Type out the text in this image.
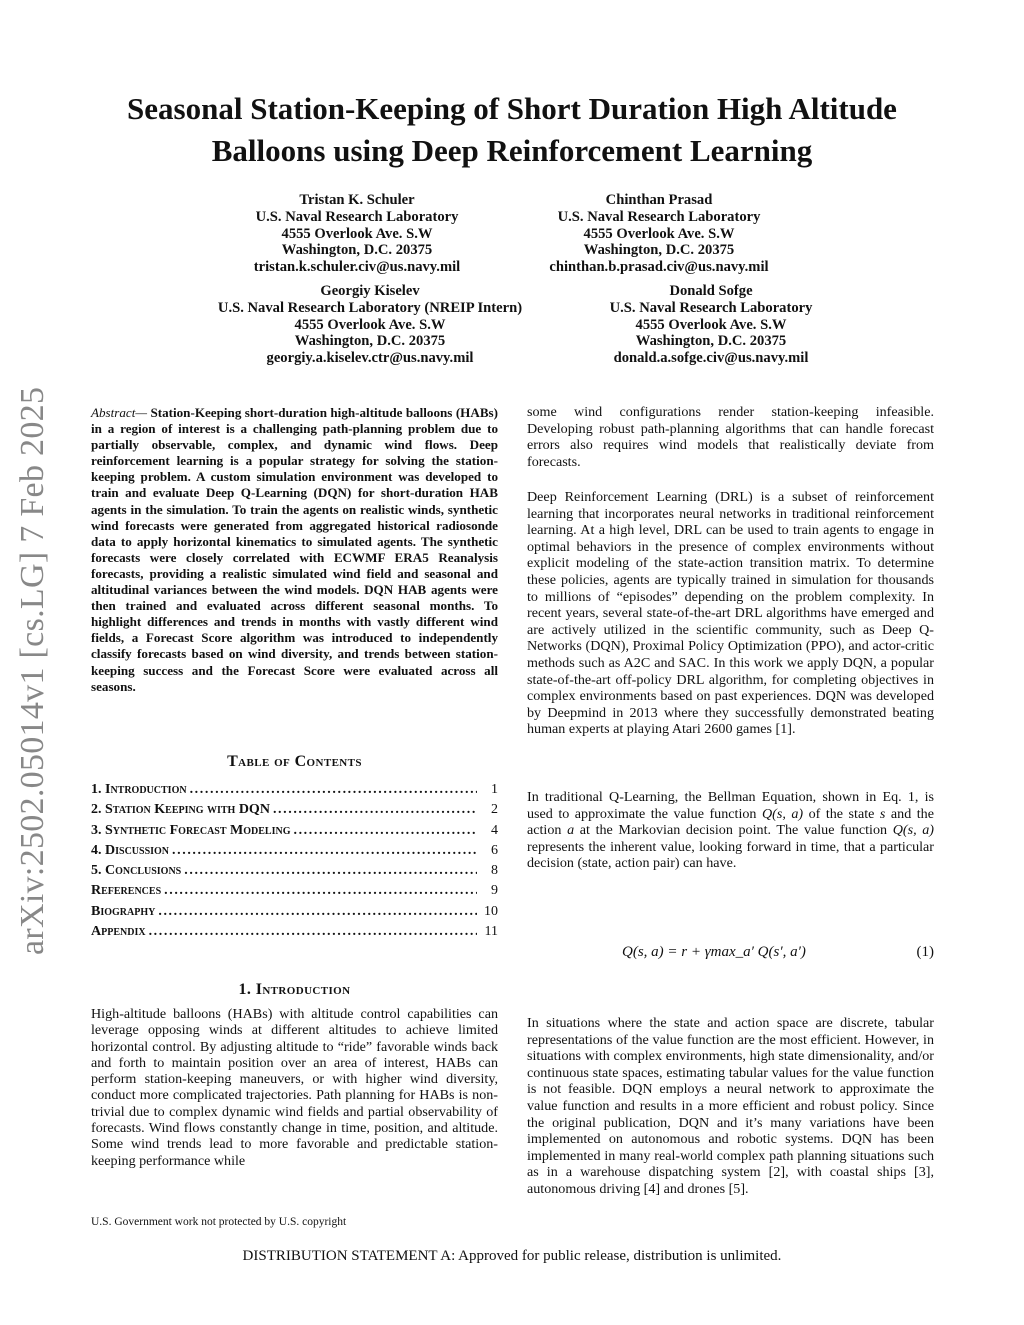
arXiv:2502.05014v1 [cs.LG] 7 Feb 2025
Seasonal Station-Keeping of Short Duration High Altitude Balloons using Deep Reinforcement Learning
Tristan K. Schuler
U.S. Naval Research Laboratory
4555 Overlook Ave. S.W
Washington, D.C. 20375
tristan.k.schuler.civ@us.navy.mil
Chinthan Prasad
U.S. Naval Research Laboratory
4555 Overlook Ave. S.W
Washington, D.C. 20375
chinthan.b.prasad.civ@us.navy.mil
Georgiy Kiselev
U.S. Naval Research Laboratory (NREIP Intern)
4555 Overlook Ave. S.W
Washington, D.C. 20375
georgiy.a.kiselev.ctr@us.navy.mil
Donald Sofge
U.S. Naval Research Laboratory
4555 Overlook Ave. S.W
Washington, D.C. 20375
donald.a.sofge.civ@us.navy.mil
Abstract— Station-Keeping short-duration high-altitude balloons (HABs) in a region of interest is a challenging path-planning problem due to partially observable, complex, and dynamic wind flows. Deep reinforcement learning is a popular strategy for solving the station-keeping problem. A custom simulation environment was developed to train and evaluate Deep Q-Learning (DQN) for short-duration HAB agents in the simulation. To train the agents on realistic winds, synthetic wind forecasts were generated from aggregated historical radiosonde data to apply horizontal kinematics to simulated agents. The synthetic forecasts were closely correlated with ECWMF ERA5 Reanalysis forecasts, providing a realistic simulated wind field and seasonal and altitudinal variances between the wind models. DQN HAB agents were then trained and evaluated across different seasonal months. To highlight differences and trends in months with vastly different wind fields, a Forecast Score algorithm was introduced to independently classify forecasts based on wind diversity, and trends between station-keeping success and the Forecast Score were evaluated across all seasons.
Table of Contents
1. Introduction .....	1
2. Station Keeping with DQN .....	2
3. Synthetic Forecast Modeling .....	4
4. Discussion .....	6
5. Conclusions .....	8
References .....	9
Biography .....	10
Appendix .....	11
1. Introduction
High-altitude balloons (HABs) with altitude control capabilities can leverage opposing winds at different altitudes to achieve limited horizontal control. By adjusting altitude to “ride” favorable winds back and forth to maintain position over an area of interest, HABs can perform station-keeping maneuvers, or with higher wind diversity, conduct more complicated trajectories. Path planning for HABs is non-trivial due to complex dynamic wind fields and partial observability of forecasts. Wind flows constantly change in time, position, and altitude. Some wind trends lead to more favorable and predictable station-keeping performance while
U.S. Government work not protected by U.S. copyright
some wind configurations render station-keeping infeasible. Developing robust path-planning algorithms that can handle forecast errors also requires wind models that realistically deviate from forecasts.
Deep Reinforcement Learning (DRL) is a subset of reinforcement learning that incorporates neural networks in traditional reinforcement learning. At a high level, DRL can be used to train agents to engage in optimal behaviors in the presence of complex environments without explicit modeling of the state-action transition matrix. To determine these policies, agents are typically trained in simulation for thousands to millions of “episodes” depending on the problem complexity. In recent years, several state-of-the-art DRL algorithms have emerged and are actively utilized in the scientific community, such as Deep Q-Networks (DQN), Proximal Policy Optimization (PPO), and actor-critic methods such as A2C and SAC. In this work we apply DQN, a popular state-of-the-art off-policy DRL algorithm, for completing objectives in complex environments based on past experiences. DQN was developed by Deepmind in 2013 where they successfully demonstrated beating human experts at playing Atari 2600 games [1].
In traditional Q-Learning, the Bellman Equation, shown in Eq. 1, is used to approximate the value function Q(s, a) of the state s and the action a at the Markovian decision point. The value function Q(s, a) represents the inherent value, looking forward in time, that a particular decision (state, action pair) can have.
Q(s, a) = r + γmax_a′ Q(s′, a′)	(1)
In situations where the state and action space are discrete, tabular representations of the value function are the most efficient. However, in situations with complex environments, high state dimensionality, and/or continuous state spaces, estimating tabular values for the value function is not feasible. DQN employs a neural network to approximate the value function and results in a more efficient and robust policy. Since the original publication, DQN and it’s many variations have been implemented on autonomous and robotic systems. DQN has been implemented in many real-world complex path planning situations such as in a warehouse dispatching system [2], with coastal ships [3], autonomous driving [4] and drones [5].
DISTRIBUTION STATEMENT A: Approved for public release, distribution is unlimited.
